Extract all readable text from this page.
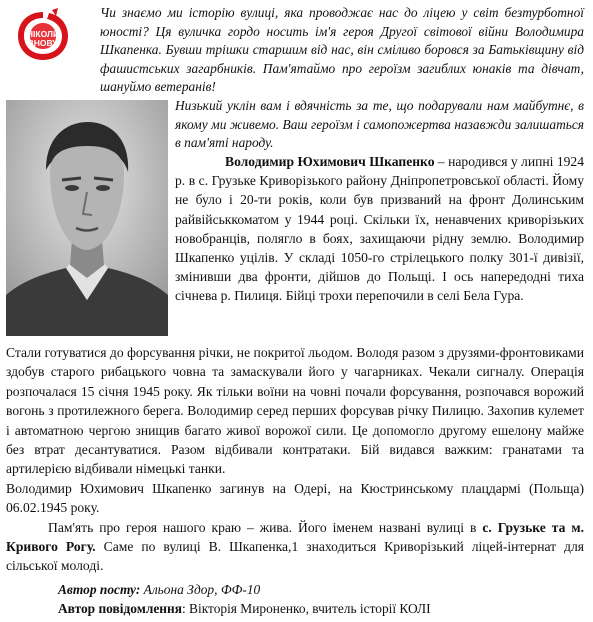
НІКОЛИ
ЗНОВУ
Чи знаємо ми історію вулиці, яка проводжає нас до ліцею у світ безтурботної юності? Ця вуличка гордо носить ім'я героя Другої світової війни Володимира Шкапенка. Бувши трішки старшим від нас, він сміливо боровся за Батьківщину від фашистських загарбників. Пам'ятаймо про героїзм загиблих юнаків та дівчат, шануймо ветеранів!
Низький уклін вам і вдячність за те, що подарували нам майбутнє, в якому ми живемо. Ваш героїзм і самопожертва назавжди залишаться в пам'яті народу.
Володимир Юхимович Шкапенко – народився у липні 1924 р. в с. Грузьке Криворізького району Дніпропетровської області. Йому не було і 20-ти років, коли був призваний на фронт Долинським райвійськкоматом у 1944 році. Скільки їх, ненавчених криворізьких новобранців, полягло в боях, захищаючи рідну землю. Володимир Шкапенко уцілів. У складі 1050-го стрілецького полку 301-ї дивізії, змінивши два фронти, дійшов до Польщі. І ось напередодні тиха січнева р. Пилиця. Бійці трохи перепочили в селі Бела Гура.
Стали готуватися до форсування річки, не покритої льодом. Володя разом з друзями-фронтовиками здобув старого рибацького човна та замаскували його у чагарниках. Чекали сигналу. Операція розпочалася 15 січня 1945 року. Як тільки воїни на човні почали форсування, розпочався ворожий вогонь з протилежного берега. Володимир серед перших форсував річку Пилицю. Захопив кулемет і автоматною чергою знищив багато живої ворожої сили. Це допомогло другому ешелону майже без втрат десантуватися. Разом відбивали контратаки. Бій видався важким: гранатами та артилерією відбивали німецькі танки.
Володимир Юхимович Шкапенко загинув на Одері, на Кюстринському плацдармі (Польща) 06.02.1945 року.
Пам'ять про героя нашого краю – жива. Його іменем названі вулиці в с. Грузьке та м. Кривого Рогу. Саме по вулиці В. Шкапенка,1 знаходиться Криворізький ліцей-інтернат для сільської молоді.
Автор посту: Альона Здор, ФФ-10
Автор повідомлення: Вікторія Мироненко, вчитель історії КОЛІ
